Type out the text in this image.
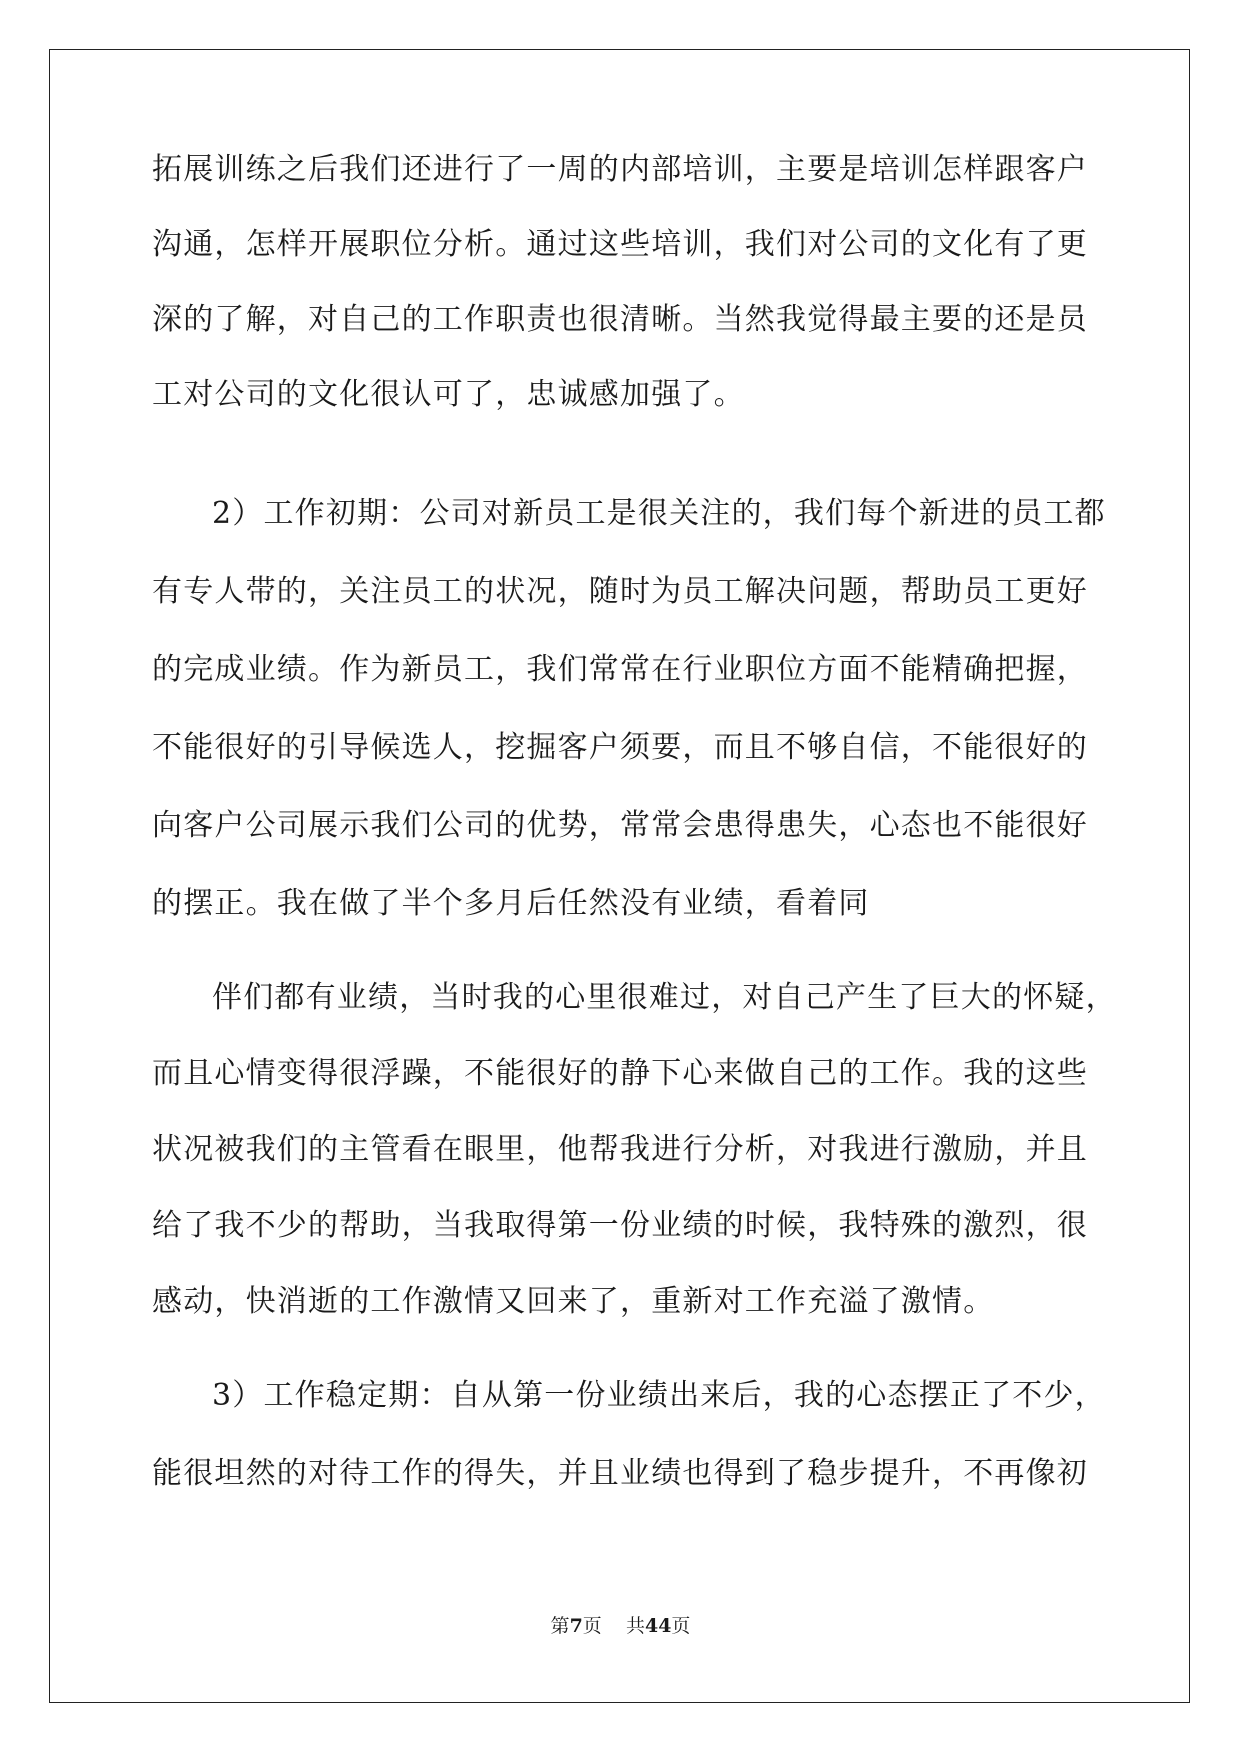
拓展训练之后我们还进行了一周的内部培训，主要是培训怎样跟客户
沟通，怎样开展职位分析。通过这些培训，我们对公司的文化有了更
深的了解，对自己的工作职责也很清晰。当然我觉得最主要的还是员
工对公司的文化很认可了，忠诚感加强了。
2）工作初期：公司对新员工是很关注的，我们每个新进的员工都
有专人带的，关注员工的状况，随时为员工解决问题，帮助员工更好
的完成业绩。作为新员工，我们常常在行业职位方面不能精确把握，
不能很好的引导候选人，挖掘客户须要，而且不够自信，不能很好的
向客户公司展示我们公司的优势，常常会患得患失，心态也不能很好
的摆正。我在做了半个多月后任然没有业绩，看着同
伴们都有业绩，当时我的心里很难过，对自己产生了巨大的怀疑，
而且心情变得很浮躁，不能很好的静下心来做自己的工作。我的这些
状况被我们的主管看在眼里，他帮我进行分析，对我进行激励，并且
给了我不少的帮助，当我取得第一份业绩的时候，我特殊的激烈，很
感动，快消逝的工作激情又回来了，重新对工作充溢了激情。
3）工作稳定期：自从第一份业绩出来后，我的心态摆正了不少，
能很坦然的对待工作的得失，并且业绩也得到了稳步提升，不再像初
第7页    共44页
